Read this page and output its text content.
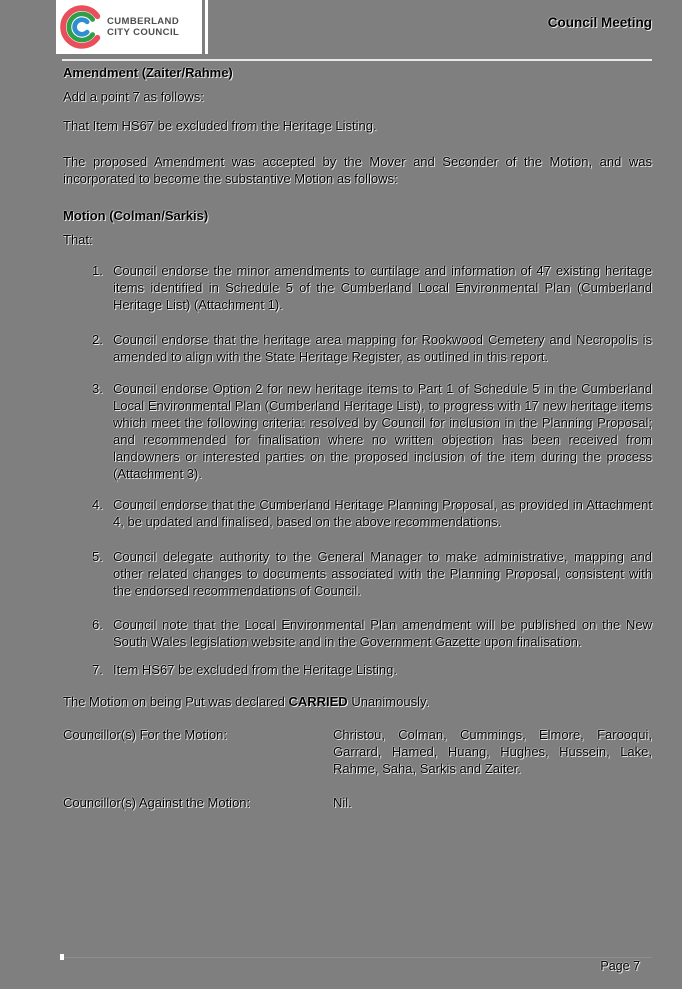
CUMBERLAND
CITY COUNCIL
Council Meeting

Amendment (Zaiter/Rahme)

Add a point 7 as follows:

That Item HS67 be excluded from the Heritage Listing.

The proposed Amendment was accepted by the Mover and Seconder of the Motion, and was incorporated to become the substantive Motion as follows:

Motion (Colman/Sarkis)

That:

1. Council endorse the minor amendments to curtilage and information of 47 existing heritage items identified in Schedule 5 of the Cumberland Local Environmental Plan (Cumberland Heritage List) (Attachment 1).
2. Council endorse that the heritage area mapping for Rookwood Cemetery and Necropolis is amended to align with the State Heritage Register, as outlined in this report.
3. Council endorse Option 2 for new heritage items to Part 1 of Schedule 5 in the Cumberland Local Environmental Plan (Cumberland Heritage List), to progress with 17 new heritage items which meet the following criteria: resolved by Council for inclusion in the Planning Proposal; and recommended for finalisation where no written objection has been received from landowners or interested parties on the proposed inclusion of the item during the process (Attachment 3).
4. Council endorse that the Cumberland Heritage Planning Proposal, as provided in Attachment 4, be updated and finalised, based on the above recommendations.
5. Council delegate authority to the General Manager to make administrative, mapping and other related changes to documents associated with the Planning Proposal, consistent with the endorsed recommendations of Council.
6. Council note that the Local Environmental Plan amendment will be published on the New South Wales legislation website and in the Government Gazette upon finalisation.
7. Item HS67 be excluded from the Heritage Listing.

The Motion on being Put was declared CARRIED Unanimously.

Councillor(s) For the Motion:	Christou, Colman, Cummings, Elmore, Farooqui, Garrard, Hamed, Huang, Hughes, Hussein, Lake, Rahme, Saha, Sarkis and Zaiter.
Councillor(s) Against the Motion:	Nil.
Page 7
